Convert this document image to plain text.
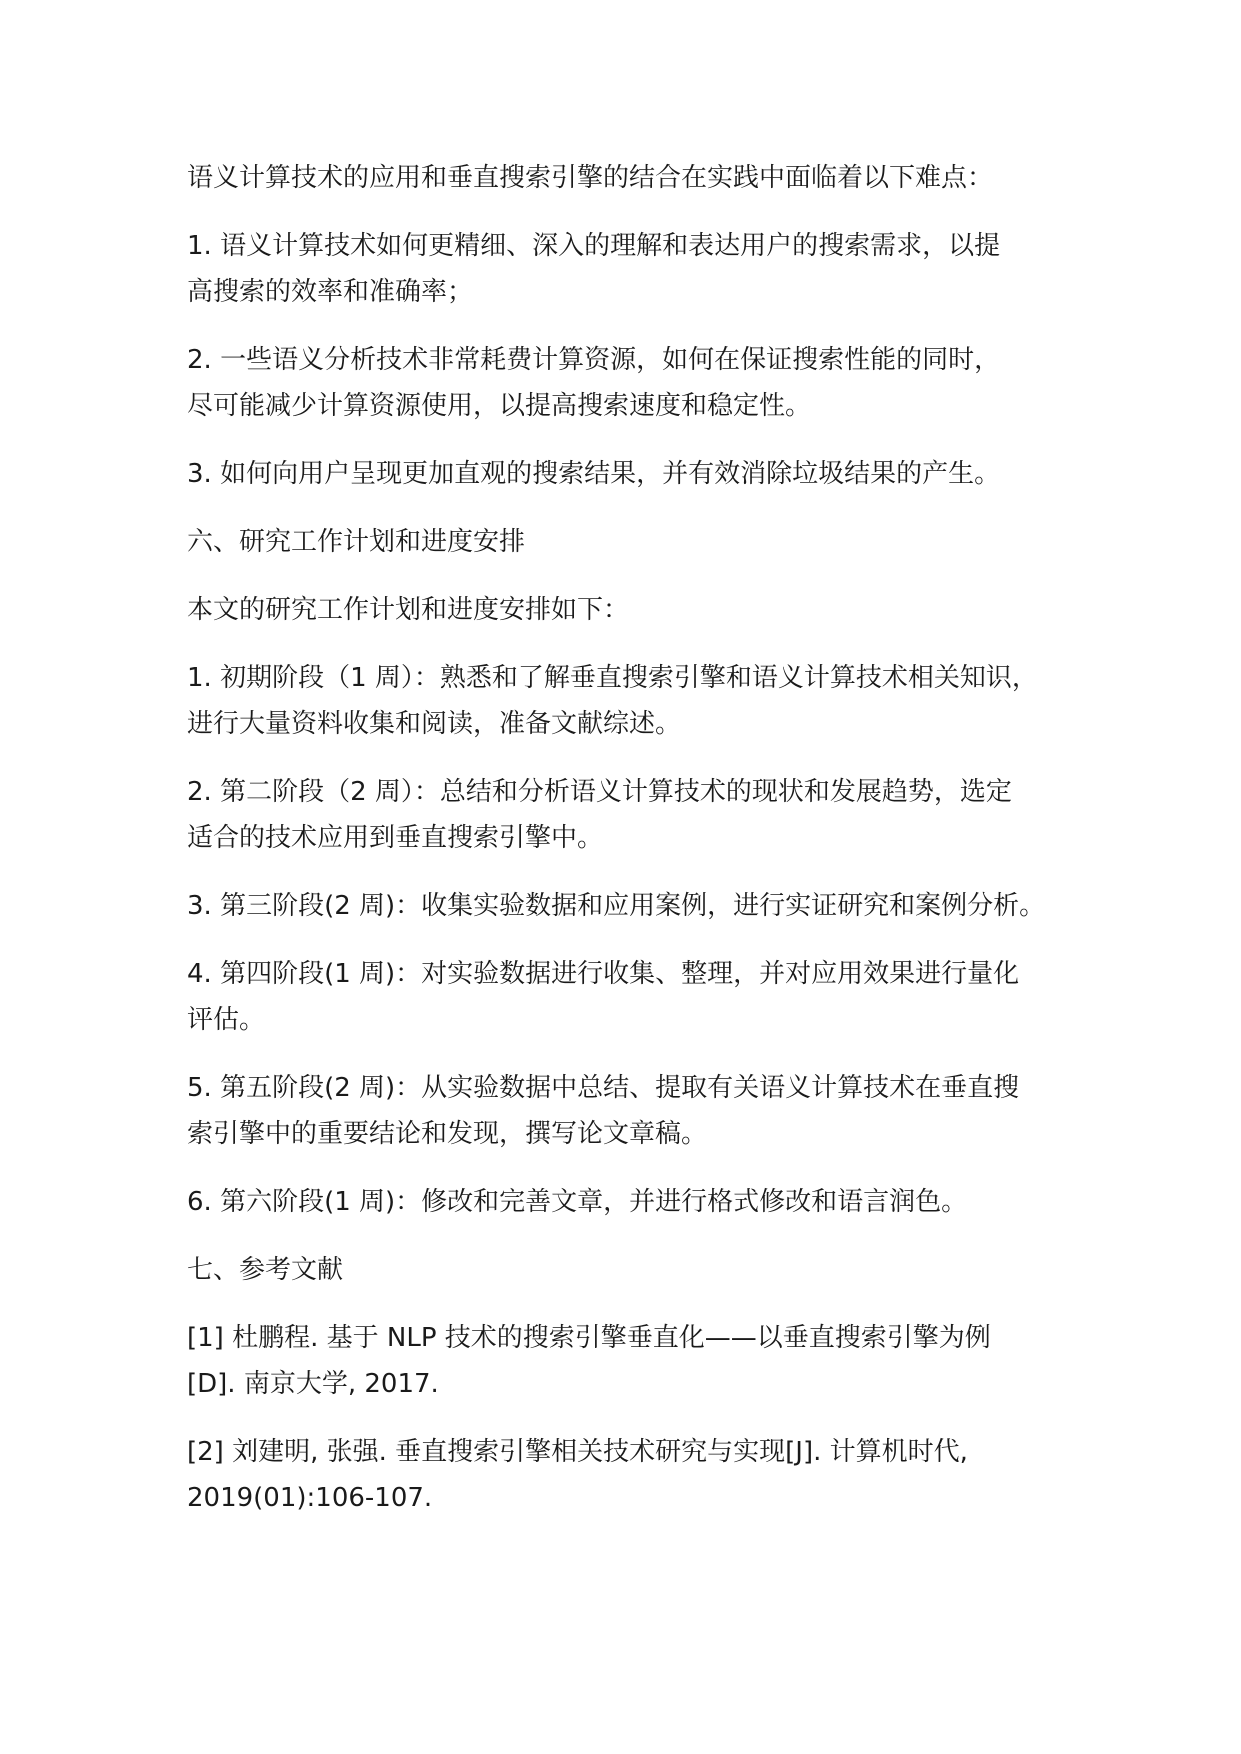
语义计算技术的应用和垂直搜索引擎的结合在实践中面临着以下难点：

1. 语义计算技术如何更精细、深入的理解和表达用户的搜索需求，以提
高搜索的效率和准确率；

2. 一些语义分析技术非常耗费计算资源，如何在保证搜索性能的同时，
尽可能减少计算资源使用，以提高搜索速度和稳定性。

3. 如何向用户呈现更加直观的搜索结果，并有效消除垃圾结果的产生。

六、研究工作计划和进度安排

本文的研究工作计划和进度安排如下：

1. 初期阶段（1 周）：熟悉和了解垂直搜索引擎和语义计算技术相关知识，
进行大量资料收集和阅读，准备文献综述。

2. 第二阶段（2 周）：总结和分析语义计算技术的现状和发展趋势，选定
适合的技术应用到垂直搜索引擎中。

3. 第三阶段(2 周)：收集实验数据和应用案例，进行实证研究和案例分析。

4. 第四阶段(1 周)：对实验数据进行收集、整理，并对应用效果进行量化
评估。

5. 第五阶段(2 周)：从实验数据中总结、提取有关语义计算技术在垂直搜
索引擎中的重要结论和发现，撰写论文章稿。

6. 第六阶段(1 周)：修改和完善文章，并进行格式修改和语言润色。

七、参考文献

[1] 杜鹏程. 基于 NLP 技术的搜索引擎垂直化——以垂直搜索引擎为例
[D]. 南京大学, 2017.

[2] 刘建明, 张强. 垂直搜索引擎相关技术研究与实现[J]. 计算机时代,
2019(01):106-107.
